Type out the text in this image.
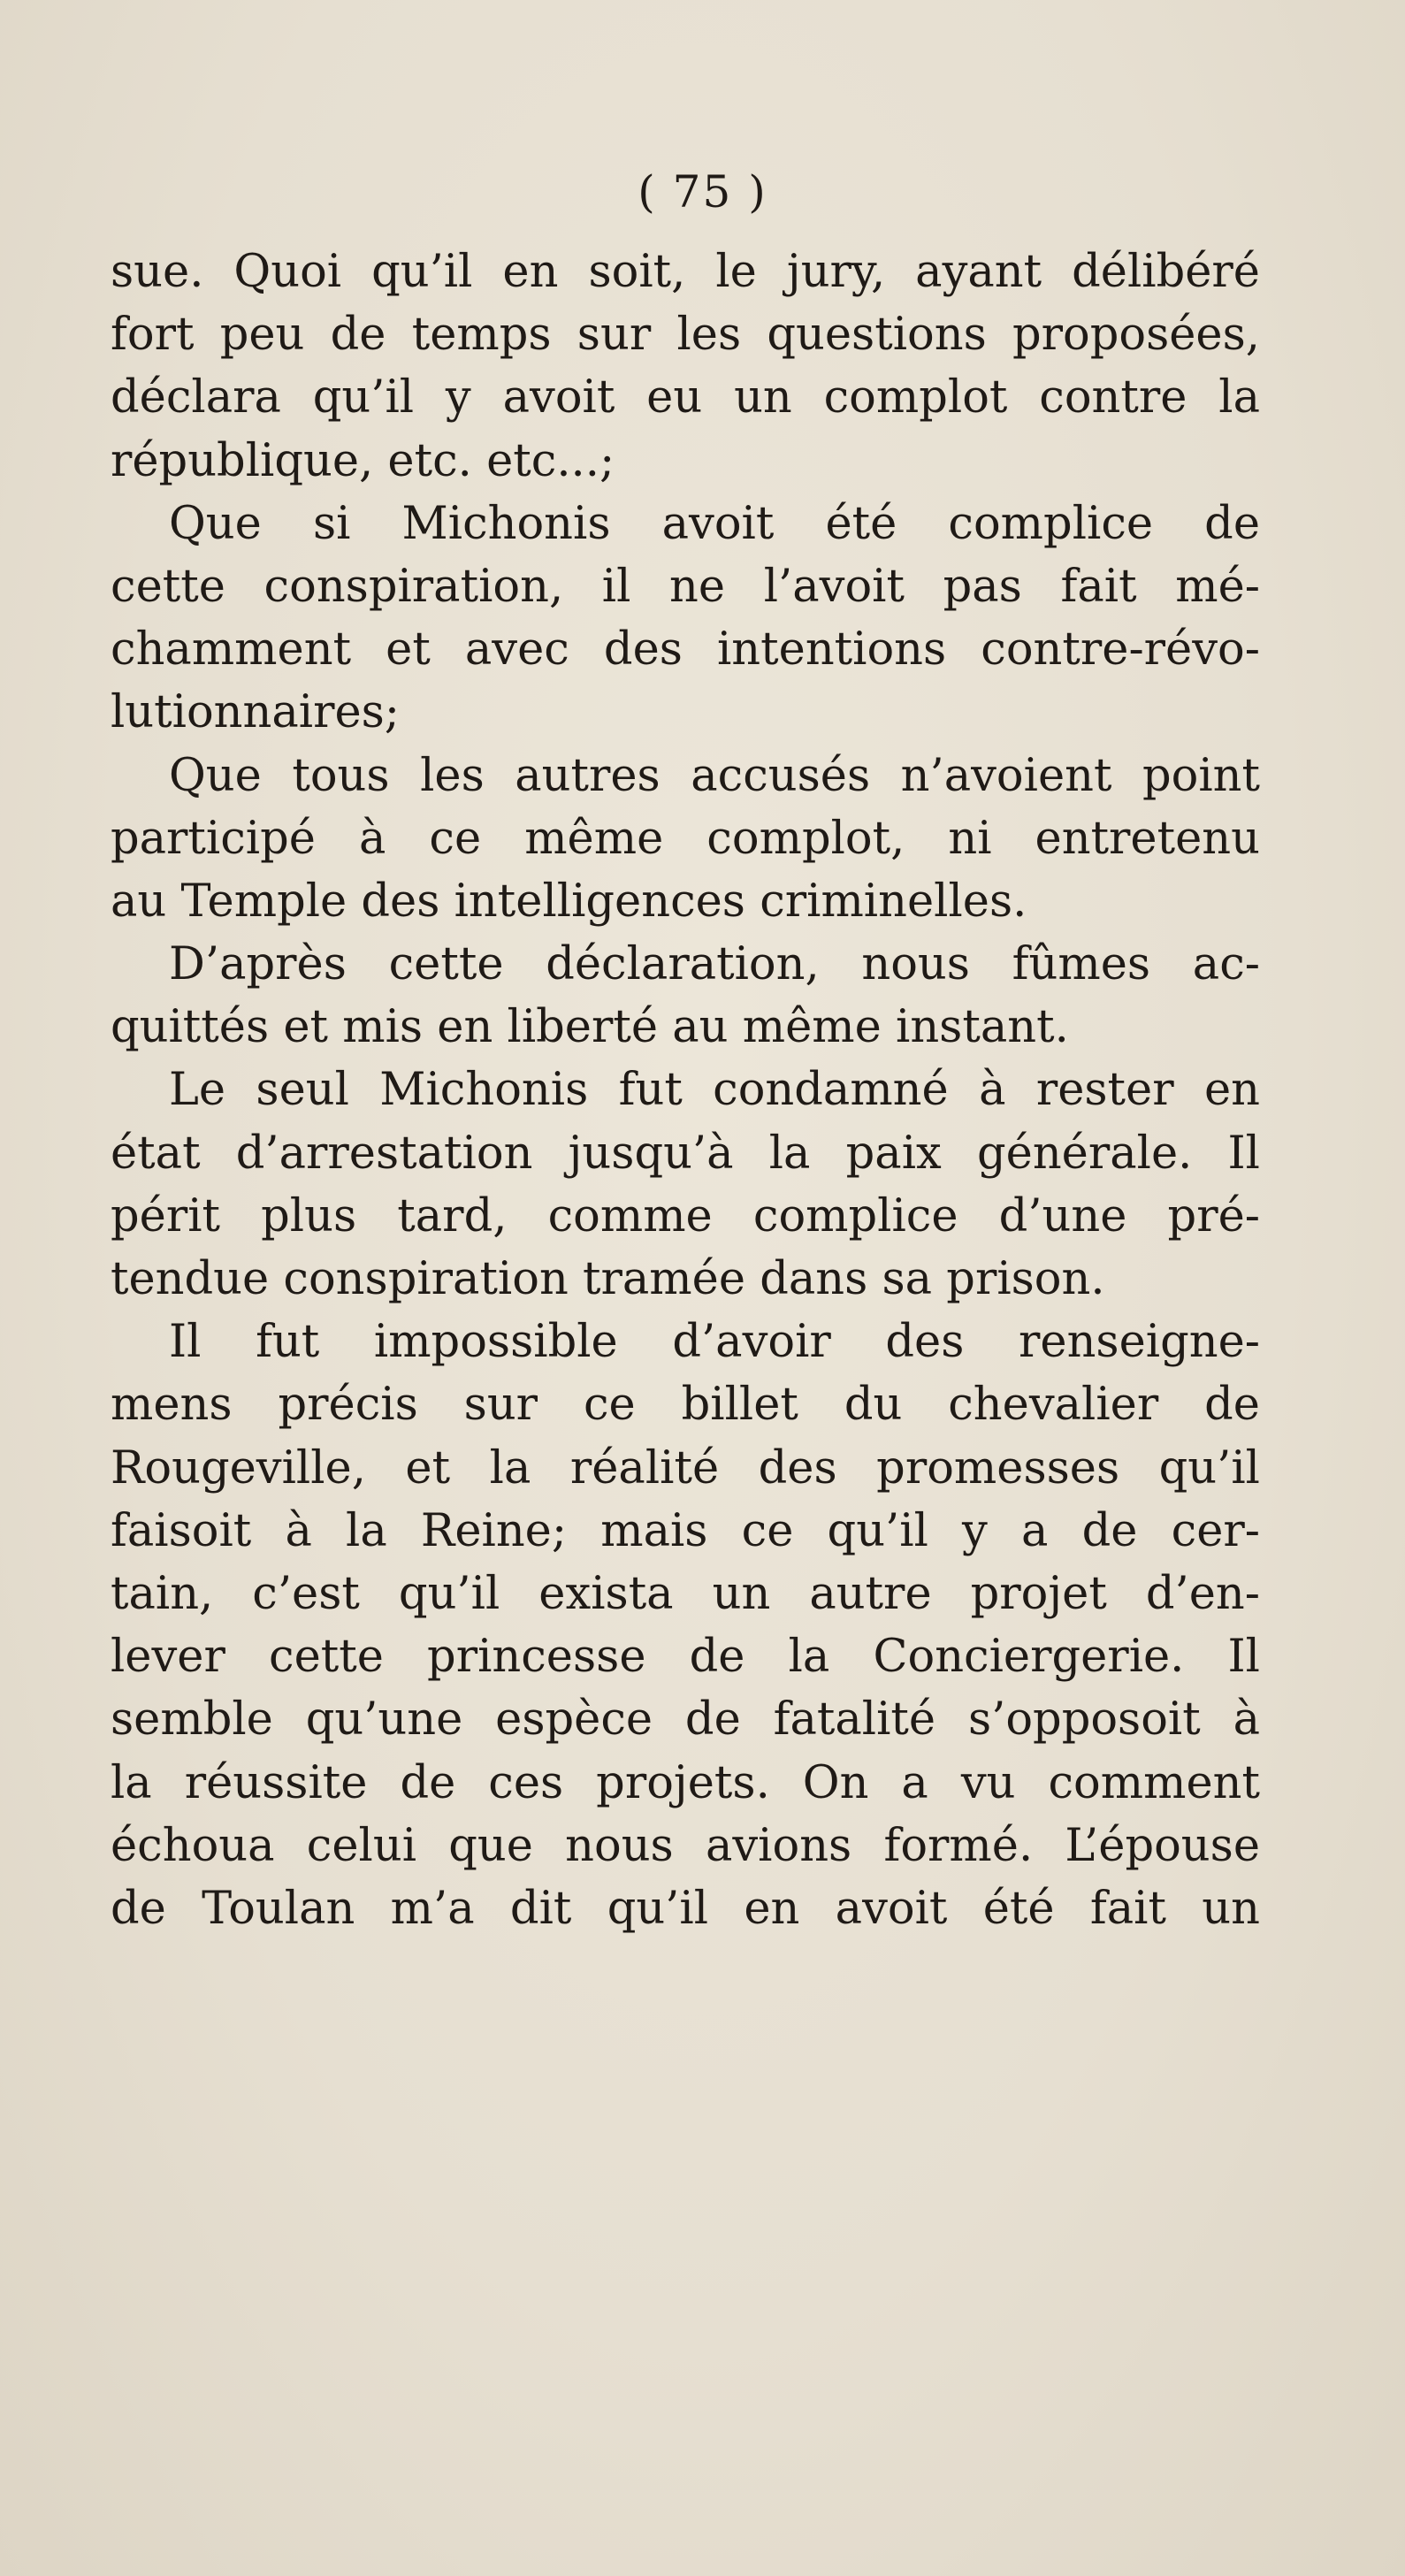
( 75 )
sue. Quoi qu’il en soit, le jury, ayant délibéré
fort peu de temps sur les questions proposées,
déclara qu’il y avoit eu un complot contre la
république, etc. etc...;
Que si Michonis avoit été complice de
cette conspiration, il ne l’avoit pas fait mé-
chamment et avec des intentions contre-révo-
lutionnaires;
Que tous les autres accusés n’avoient point
participé à ce même complot, ni entretenu
au Temple des intelligences criminelles.
D’après cette déclaration, nous fûmes ac-
quittés et mis en liberté au même instant.
Le seul Michonis fut condamné à rester en
état d’arrestation jusqu’à la paix générale. Il
périt plus tard, comme complice d’une pré-
tendue conspiration tramée dans sa prison.
Il fut impossible d’avoir des renseigne-
mens précis sur ce billet du chevalier de
Rougeville, et la réalité des promesses qu’il
faisoit à la Reine; mais ce qu’il y a de cer-
tain, c’est qu’il exista un autre projet d’en-
lever cette princesse de la Conciergerie. Il
semble qu’une espèce de fatalité s’opposoit à
la réussite de ces projets. On a vu comment
échoua celui que nous avions formé. L’épouse
de Toulan m’a dit qu’il en avoit été fait un
